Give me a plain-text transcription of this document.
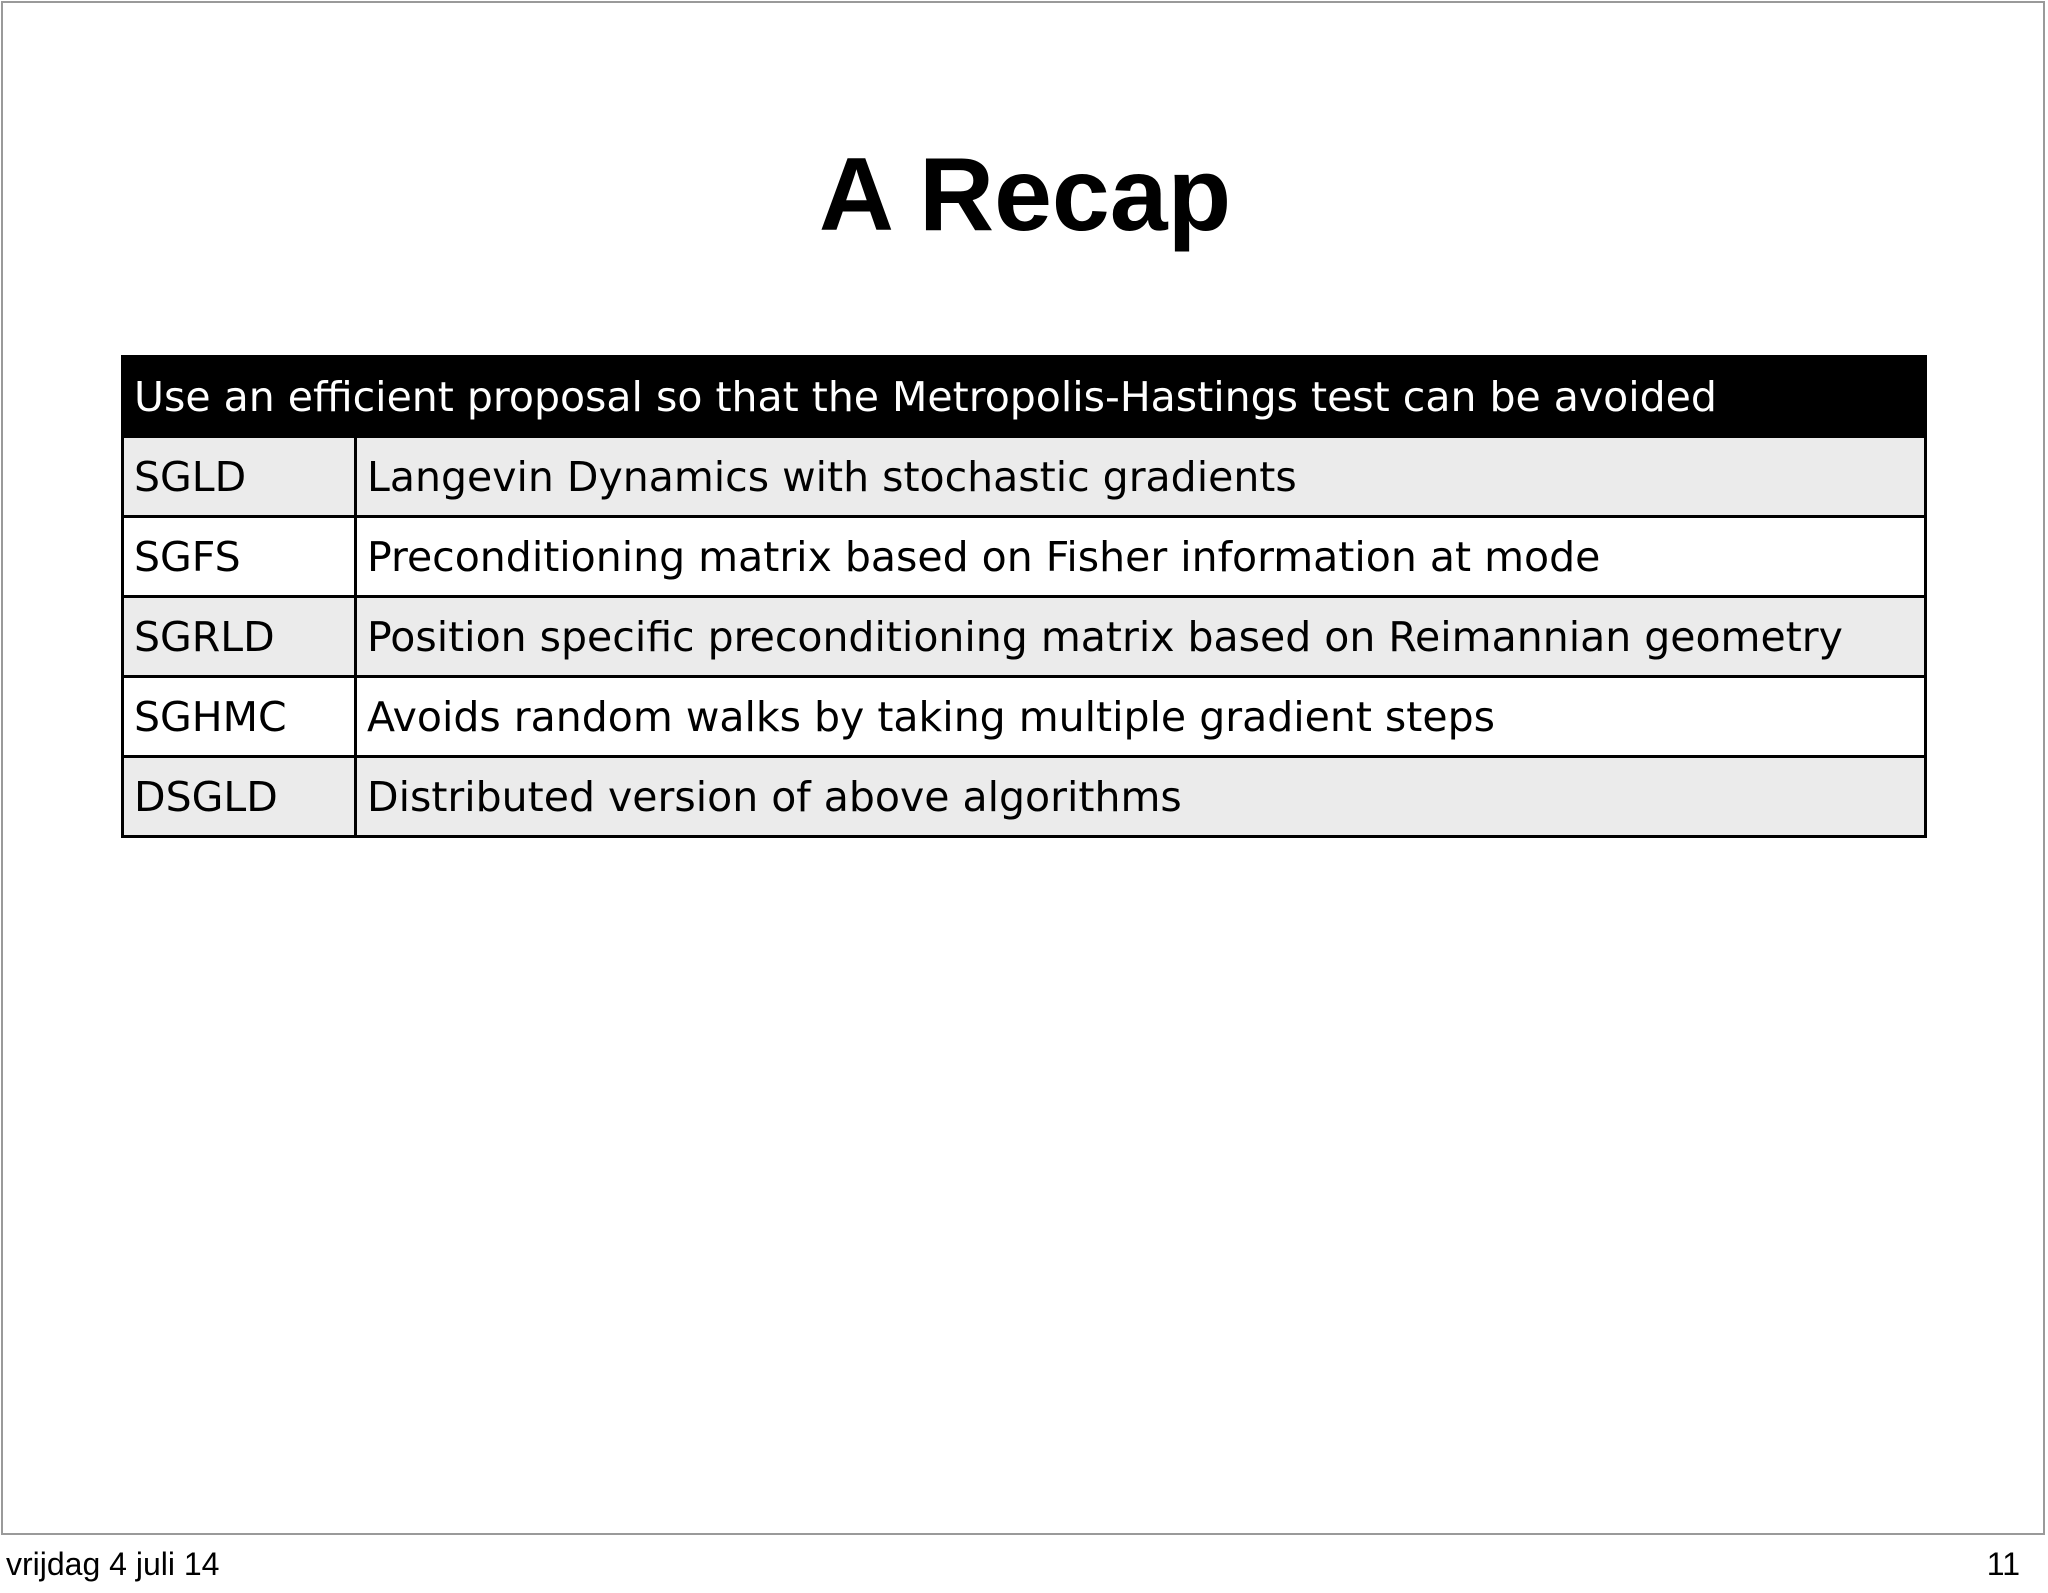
A Recap
Use an efficient proposal so that the Metropolis-Hastings test can be avoided	
SGLD	Langevin Dynamics with stochastic gradients
SGFS	Preconditioning matrix based on Fisher information at mode
SGRLD	Position specific preconditioning matrix based on Reimannian geometry
SGHMC	Avoids random walks by taking multiple gradient steps
DSGLD	Distributed version of above algorithms
vrijdag 4 juli 14	11
